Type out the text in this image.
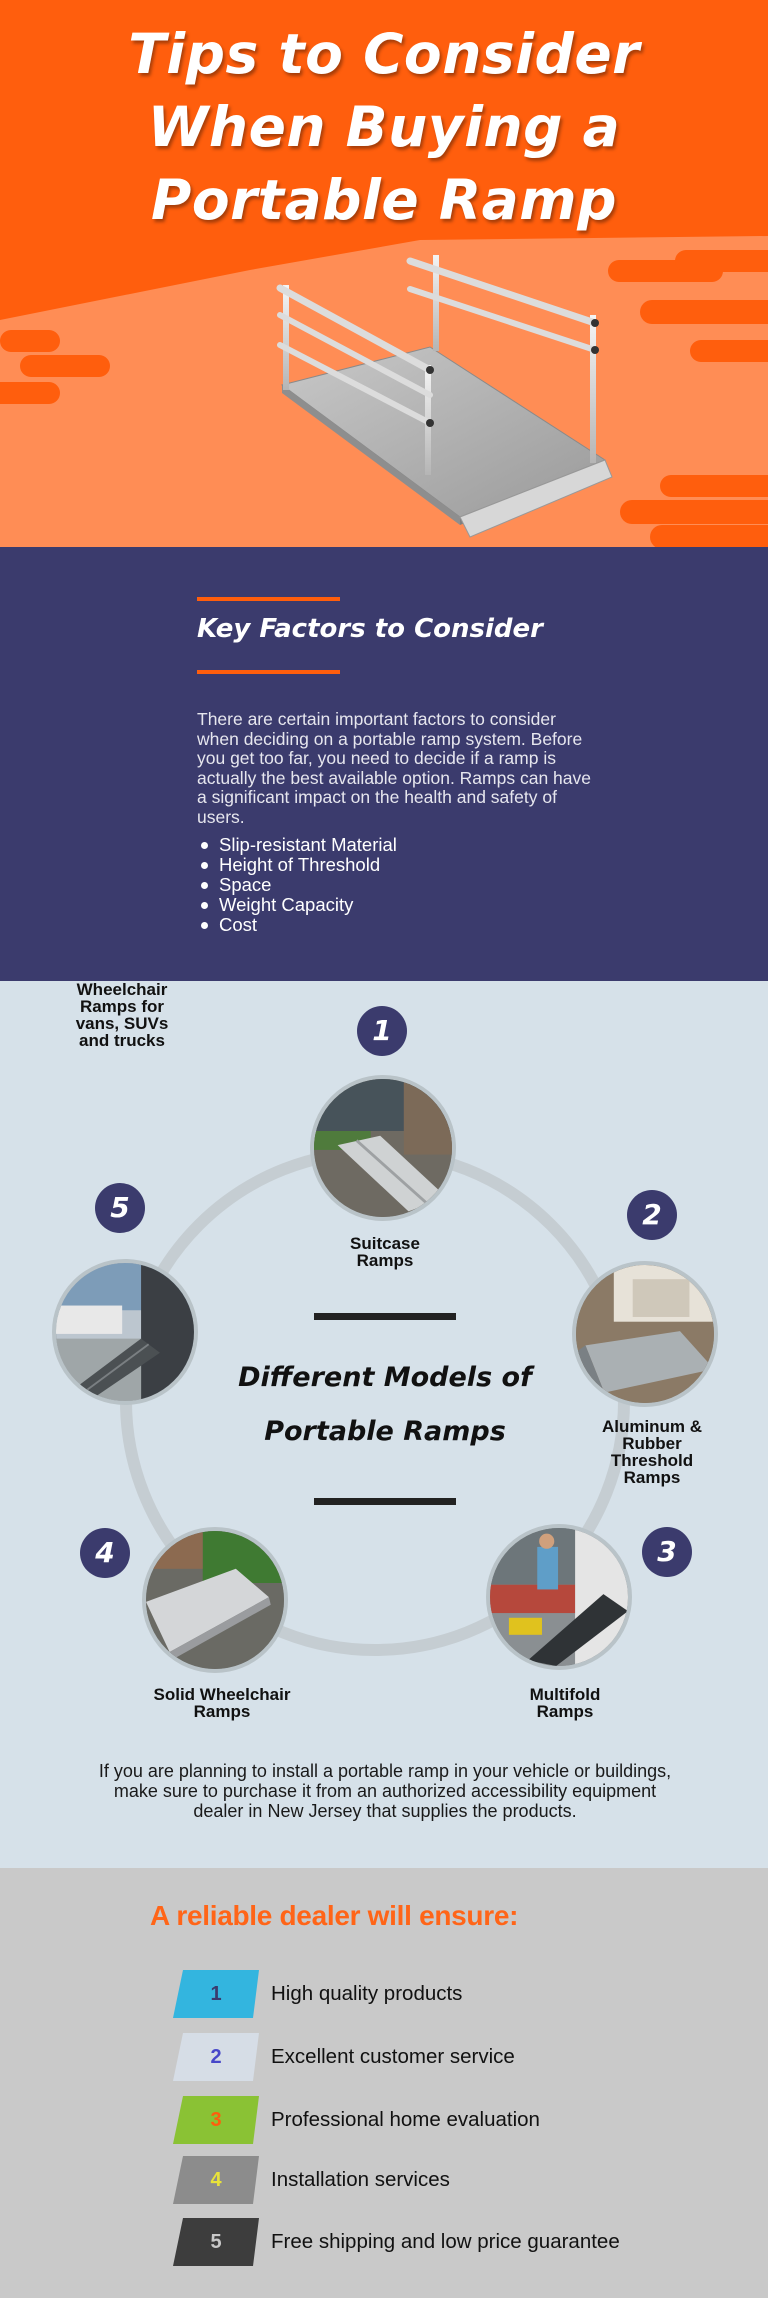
Tips to Consider
When Buying a
Portable Ramp
Key Factors to Consider

There are certain important factors to consider when deciding on a portable ramp system. Before you get too far, you need to decide if a ramp is actually the best available option. Ramps can have a significant impact on the health and safety of users.

Slip-resistant Material
Height of Threshold
Space
Weight Capacity
Cost
1
Suitcase
Ramps
2
Aluminum &
Rubber
Threshold
Ramps
3
Multifold
Ramps
4
Solid Wheelchair
Ramps
5
Wheelchair
Ramps for
vans, SUVs
and trucks
Different Models of
Portable Ramps

If you are planning to install a portable ramp in your vehicle or buildings, make sure to purchase it from an authorized accessibility equipment dealer in New Jersey that supplies the products.

A reliable dealer will ensure:
1	High quality products
2	Excellent customer service
3	Professional home evaluation
4	Installation services
5	Free shipping and low price guarantee
